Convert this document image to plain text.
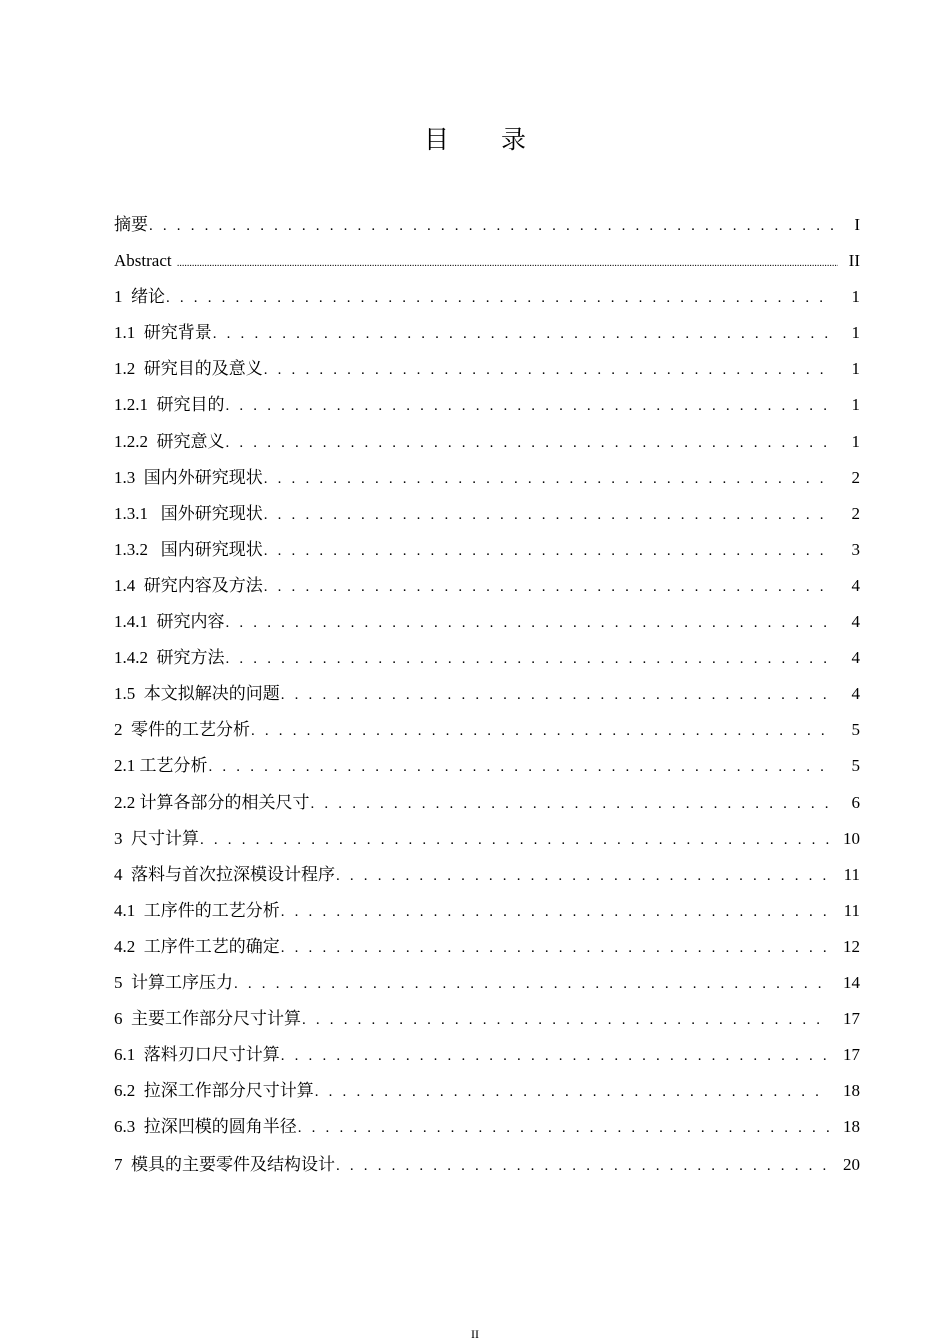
目 录
摘要 . . .	I
Abstract .....	II
1  绪论 . . .	1
1.1  研究背景 . . .	1
1.2  研究目的及意义 . . .	1
1.2.1  研究目的 . . .	1
1.2.2  研究意义 . . .	1
1.3  国内外研究现状 . . .	2
1.3.1   国外研究现状 . . .	2
1.3.2   国内研究现状 . . .	3
1.4  研究内容及方法 . . .	4
1.4.1  研究内容 . . .	4
1.4.2  研究方法 . . .	4
1.5  本文拟解决的问题 . . .	4
2  零件的工艺分析 . . .	5
2.1 工艺分析 . . .	5
2.2 计算各部分的相关尺寸 . . .	6
3  尺寸计算 . . .	10
4  落料与首次拉深模设计程序 . . .	11
4.1  工序件的工艺分析 . . .	11
4.2  工序件工艺的确定 . . .	12
5  计算工序压力 . . .	14
6  主要工作部分尺寸计算 . . .	17
6.1  落料刃口尺寸计算 . . .	17
6.2  拉深工作部分尺寸计算 . . .	18
6.3  拉深凹模的圆角半径 . . .	18
7  模具的主要零件及结构设计 . . .	20
II
